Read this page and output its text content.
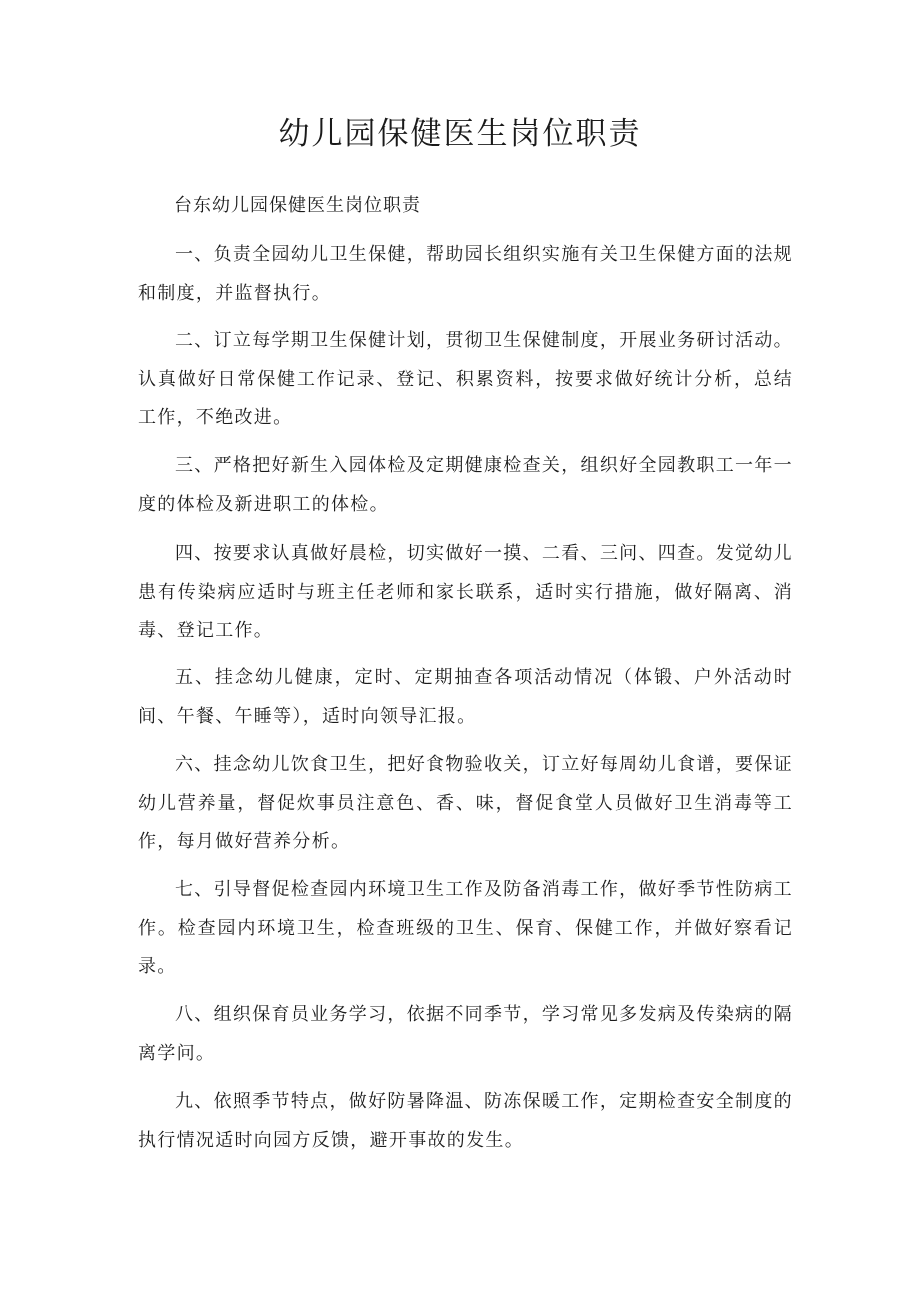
幼儿园保健医生岗位职责
台东幼儿园保健医生岗位职责

一、负责全园幼儿卫生保健，帮助园长组织实施有关卫生保健方面的法规和制度，并监督执行。

二、订立每学期卫生保健计划，贯彻卫生保健制度，开展业务研讨活动。认真做好日常保健工作记录、登记、积累资料，按要求做好统计分析，总结工作，不绝改进。

三、严格把好新生入园体检及定期健康检查关，组织好全园教职工一年一度的体检及新进职工的体检。

四、按要求认真做好晨检，切实做好一摸、二看、三问、四查。发觉幼儿患有传染病应适时与班主任老师和家长联系，适时实行措施，做好隔离、消毒、登记工作。

五、挂念幼儿健康，定时、定期抽查各项活动情况（体锻、户外活动时间、午餐、午睡等），适时向领导汇报。

六、挂念幼儿饮食卫生，把好食物验收关，订立好每周幼儿食谱，要保证幼儿营养量，督促炊事员注意色、香、味，督促食堂人员做好卫生消毒等工作，每月做好营养分析。

七、引导督促检查园内环境卫生工作及防备消毒工作，做好季节性防病工作。检查园内环境卫生，检查班级的卫生、保育、保健工作，并做好察看记录。

八、组织保育员业务学习，依据不同季节，学习常见多发病及传染病的隔离学问。

九、依照季节特点，做好防暑降温、防冻保暖工作，定期检查安全制度的执行情况适时向园方反馈，避开事故的发生。
